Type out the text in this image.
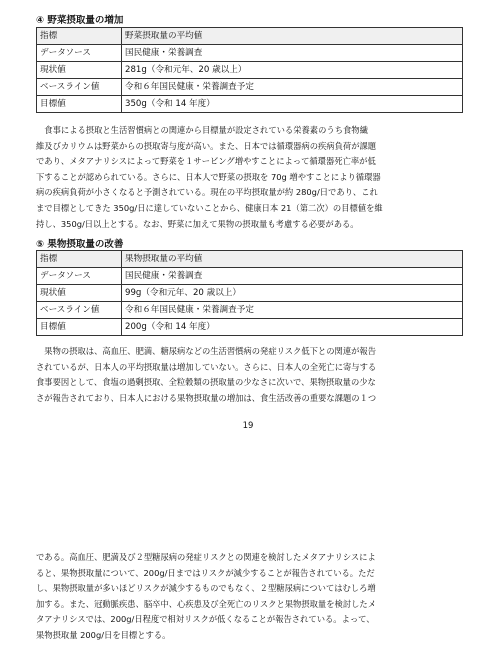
④ 野菜摂取量の増加
指標	野菜摂取量の平均値
データソース	国民健康・栄養調査
現状値	281g（令和元年、20 歳以上）
ベースライン値	令和６年国民健康・栄養調査予定
目標値	350g（令和 14 年度）
　食事による摂取と生活習慣病との関連から目標量が設定されている栄養素のうち食物繊
維及びカリウムは野菜からの摂取寄与度が高い。また、日本では循環器病の疾病負荷が課題
であり、メタアナリシスによって野菜を１サービング増やすことによって循環器死亡率が低
下することが認められている。さらに、日本人で野菜の摂取を 70g 増やすことにより循環器
病の疾病負荷が小さくなると予測されている。現在の平均摂取量が約 280g/日であり、これ
まで目標としてきた 350g/日に達していないことから、健康日本 21（第二次）の目標値を維
持し、350g/日以上とする。なお、野菜に加えて果物の摂取量も考慮する必要がある。
⑤ 果物摂取量の改善
指標	果物摂取量の平均値
データソース	国民健康・栄養調査
現状値	99g（令和元年、20 歳以上）
ベースライン値	令和６年国民健康・栄養調査予定
目標値	200g（令和 14 年度）
　果物の摂取は、高血圧、肥満、糖尿病などの生活習慣病の発症リスク低下との関連が報告
されているが、日本人の平均摂取量は増加していない。さらに、日本人の全死亡に寄与する
食事要因として、食塩の過剰摂取、全粒穀類の摂取量の少なさに次いで、果物摂取量の少な
さが報告されており、日本人における果物摂取量の増加は、食生活改善の重要な課題の１つ
19
である。高血圧、肥満及び２型糖尿病の発症リスクとの関連を検討したメタアナリシスによ
ると、果物摂取量について、200g/日まではリスクが減少することが報告されている。ただ
し、果物摂取量が多いほどリスクが減少するものでもなく、２型糖尿病についてはむしろ増
加する。また、冠動脈疾患、脳卒中、心疾患及び全死亡のリスクと果物摂取量を検討したメ
タアナリシスでは、200g/日程度で相対リスクが低くなることが報告されている。よって、
果物摂取量 200g/日を目標とする。
